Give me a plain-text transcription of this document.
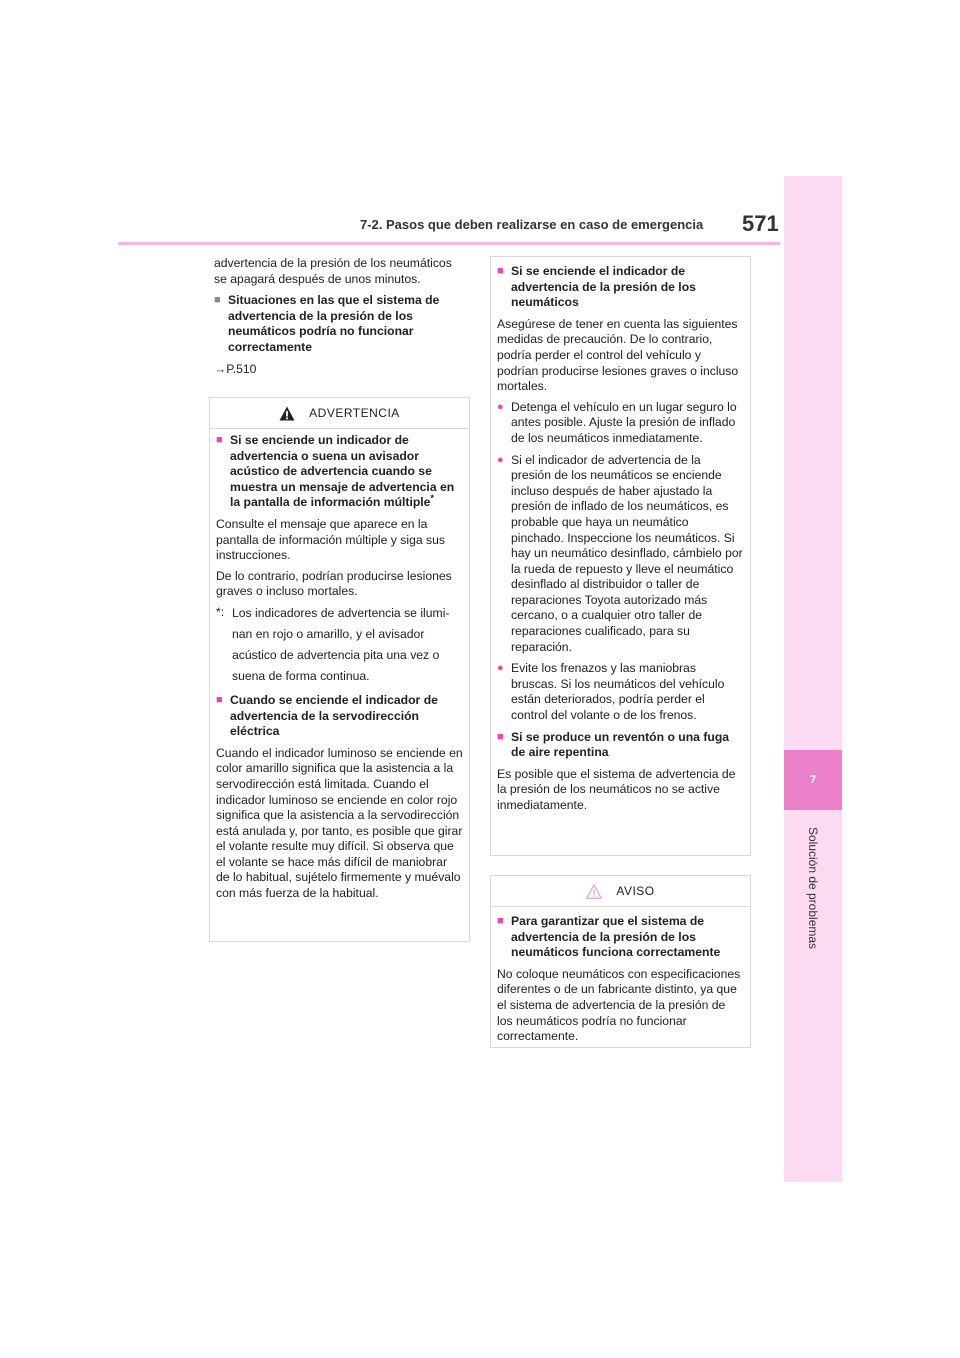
7-2. Pasos que deben realizarse en caso de emergencia 571
7
Solución de problemas

advertencia de la presión de los neumáticos se apagará después de unos minutos.

■ Situaciones en las que el sistema de advertencia de la presión de los neumáticos podría no funcionar correctamente

→P.510

ADVERTENCIA
■ Si se enciende un indicador de advertencia o suena un avisador acústico de advertencia cuando se muestra un mensaje de advertencia en la pantalla de información múltiple*

Consulte el mensaje que aparece en la pantalla de información múltiple y siga sus instrucciones.

De lo contrario, podrían producirse lesiones graves o incluso mortales.

*: Los indicadores de advertencia se ilumi-
nan en rojo o amarillo, y el avisador
acústico de advertencia pita una vez o
suena de forma continua.
■ Cuando se enciende el indicador de advertencia de la servodirección eléctrica

Cuando el indicador luminoso se enciende en color amarillo significa que la asistencia a la servodirección está limitada. Cuando el indicador luminoso se enciende en color rojo significa que la asistencia a la servodirección está anulada y, por tanto, es posible que girar el volante resulte muy difícil. Si observa que el volante se hace más difícil de maniobrar de lo habitual, sujételo firmemente y muévalo con más fuerza de la habitual.

■ Si se enciende el indicador de advertencia de la presión de los neumáticos

Asegúrese de tener en cuenta las siguientes medidas de precaución. De lo contrario, podría perder el control del vehículo y podrían producirse lesiones graves o incluso mortales.

● Detenga el vehículo en un lugar seguro lo antes posible. Ajuste la presión de inflado de los neumáticos inmediatamente.
● Si el indicador de advertencia de la presión de los neumáticos se enciende incluso después de haber ajustado la presión de inflado de los neumáticos, es probable que haya un neumático pinchado. Inspeccione los neumáticos. Si hay un neumático desinflado, cámbielo por la rueda de repuesto y lleve el neumático desinflado al distribuidor o taller de reparaciones Toyota autorizado más cercano, o a cualquier otro taller de reparaciones cualificado, para su reparación.
● Evite los frenazos y las maniobras bruscas. Si los neumáticos del vehículo están deteriorados, podría perder el control del volante o de los frenos.
■ Si se produce un reventón o una fuga de aire repentina

Es posible que el sistema de advertencia de la presión de los neumáticos no se active inmediatamente.

AVISO
■ Para garantizar que el sistema de advertencia de la presión de los neumáticos funciona correctamente

No coloque neumáticos con especificaciones diferentes o de un fabricante distinto, ya que el sistema de advertencia de la presión de los neumáticos podría no funcionar correctamente.
